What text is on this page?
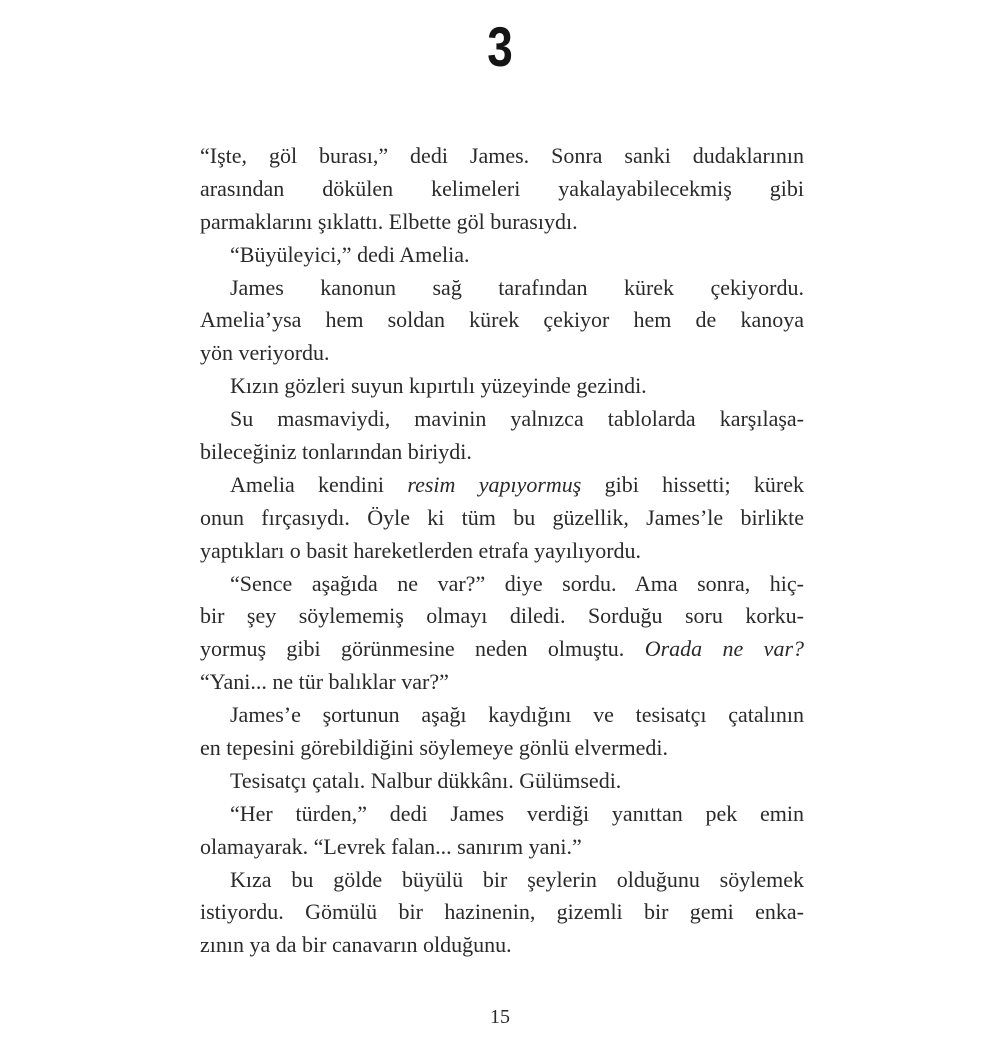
3
“Işte, göl burası,” dedi James. Sonra sanki dudaklarının
arasından dökülen kelimeleri yakalayabilecekmiş gibi
parmaklarını şıklattı. Elbette göl burasıydı.
“Büyüleyici,” dedi Amelia.
James kanonun sağ tarafından kürek çekiyordu.
Amelia’ysa hem soldan kürek çekiyor hem de kanoya
yön veriyordu.
Kızın gözleri suyun kıpırtılı yüzeyinde gezindi.
Su masmaviydi, mavinin yalnızca tablolarda karşılaşa-
bileceğiniz tonlarından biriydi.
Amelia kendini resim yapıyormuş gibi hissetti; kürek
onun fırçasıydı. Öyle ki tüm bu güzellik, James’le birlikte
yaptıkları o basit hareketlerden etrafa yayılıyordu.
“Sence aşağıda ne var?” diye sordu. Ama sonra, hiç-
bir şey söylememiş olmayı diledi. Sorduğu soru korku-
yormuş gibi görünmesine neden olmuştu. Orada ne var?
“Yani... ne tür balıklar var?”
James’e şortunun aşağı kaydığını ve tesisatçı çatalının
en tepesini görebildiğini söylemeye gönlü elvermedi.
Tesisatçı çatalı. Nalbur dükkânı. Gülümsedi.
“Her türden,” dedi James verdiği yanıttan pek emin
olamayarak. “Levrek falan... sanırım yani.”
Kıza bu gölde büyülü bir şeylerin olduğunu söylemek
istiyordu. Gömülü bir hazinenin, gizemli bir gemi enka-
zının ya da bir canavarın olduğunu.
15
